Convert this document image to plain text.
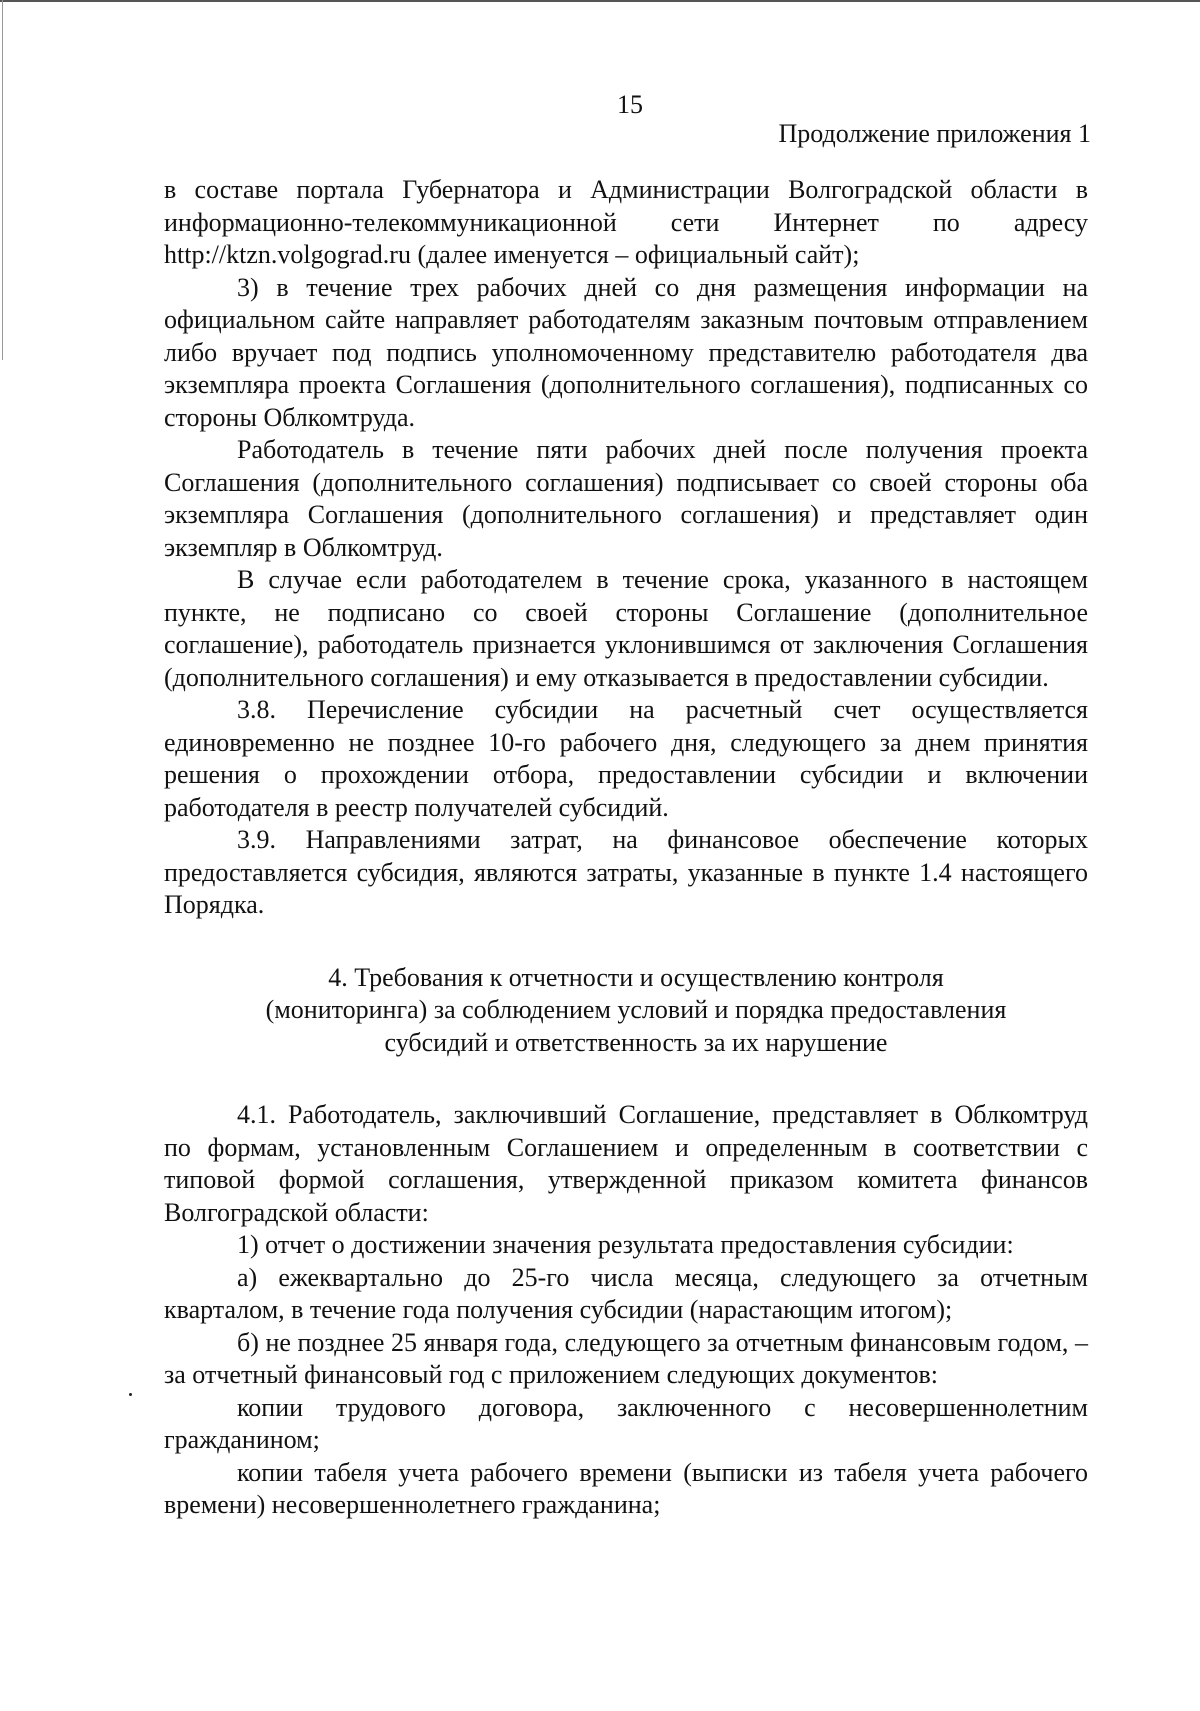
15
Продолжение приложения 1

в составе портала Губернатора и Администрации Волгоградской области в информационно-телекоммуникационной сети Интернет по адресу http://ktzn.volgograd.ru (далее именуется – официальный сайт);

3) в течение трех рабочих дней со дня размещения информации на официальном сайте направляет работодателям заказным почтовым отправлением либо вручает под подпись уполномоченному представителю работодателя два экземпляра проекта Соглашения (дополнительного соглашения), подписанных со стороны Облкомтруда.

Работодатель в течение пяти рабочих дней после получения проекта Соглашения (дополнительного соглашения) подписывает со своей стороны оба экземпляра Соглашения (дополнительного соглашения) и представляет один экземпляр в Облкомтруд.

В случае если работодателем в течение срока, указанного в настоящем пункте, не подписано со своей стороны Соглашение (дополнительное соглашение), работодатель признается уклонившимся от заключения Соглашения (дополнительного соглашения) и ему отказывается в предоставлении субсидии.

3.8. Перечисление субсидии на расчетный счет осуществляется единовременно не позднее 10-го рабочего дня, следующего за днем принятия решения о прохождении отбора, предоставлении субсидии и включении работодателя в реестр получателей субсидий.

3.9. Направлениями затрат, на финансовое обеспечение которых предоставляется субсидия, являются затраты, указанные в пункте 1.4 настоящего Порядка.

4. Требования к отчетности и осуществлению контроля
(мониторинга) за соблюдением условий и порядка предоставления
субсидий и ответственность за их нарушение

4.1. Работодатель, заключивший Соглашение, представляет в Облкомтруд по формам, установленным Соглашением и определенным в соответствии с типовой формой соглашения, утвержденной приказом комитета финансов Волгоградской области:

1) отчет о достижении значения результата предоставления субсидии:

а) ежеквартально до 25-го числа месяца, следующего за отчетным кварталом, в течение года получения субсидии (нарастающим итогом);

б) не позднее 25 января года, следующего за отчетным финансовым годом, – за отчетный финансовый год с приложением следующих документов:

копии трудового договора, заключенного с несовершеннолетним гражданином;

копии табеля учета рабочего времени (выписки из табеля учета рабочего времени) несовершеннолетнего гражданина;
